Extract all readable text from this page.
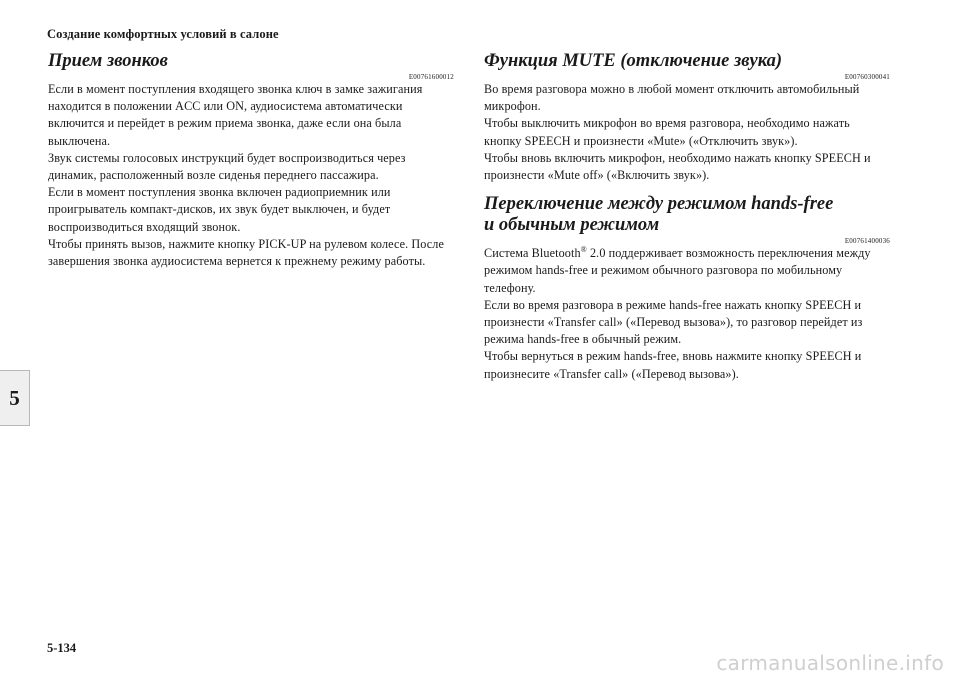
Создание комфортных условий в салоне
5
Прием звонков
E00761600012

Если в момент поступления входящего звонка ключ в замке зажигания находится в положении ACC или ON, аудиосистема автоматически включится и перейдет в режим приема звонка, даже если она была выключена.

Звук системы голосовых инструкций будет воспроизводиться через динамик, расположенный возле сиденья переднего пассажира.

Если в момент поступления звонка включен радиоприемник или проигрыватель компакт-дисков, их звук будет выключен, и будет воспроизводиться входящий звонок.

Чтобы принять вызов, нажмите кнопку PICK-UP на рулевом колесе. После завершения звонка аудиосистема вернется к прежнему режиму работы.

Функция MUTE (отключение звука)
E00760300041

Во время разговора можно в любой момент отключить автомобильный микрофон.

Чтобы выключить микрофон во время разговора, необходимо нажать кнопку SPEECH и произнести «Mute» («Отключить звук»).

Чтобы вновь включить микрофон, необходимо нажать кнопку SPEECH и произнести «Mute off» («Включить звук»).

Переключение между режимом hands-free
и обычным режимом
E00761400036

Система Bluetooth® 2.0 поддерживает возможность переключения между режимом hands-free и режимом обычного разговора по мобильному телефону.

Если во время разговора в режиме hands-free нажать кнопку SPEECH и произнести «Transfer call» («Перевод вызова»), то разговор перейдет из режима hands-free в обычный режим.

Чтобы вернуться в режим hands-free, вновь нажмите кнопку SPEECH и произнесите «Transfer call» («Перевод вызова»).

5-134
carmanualsonline.info
